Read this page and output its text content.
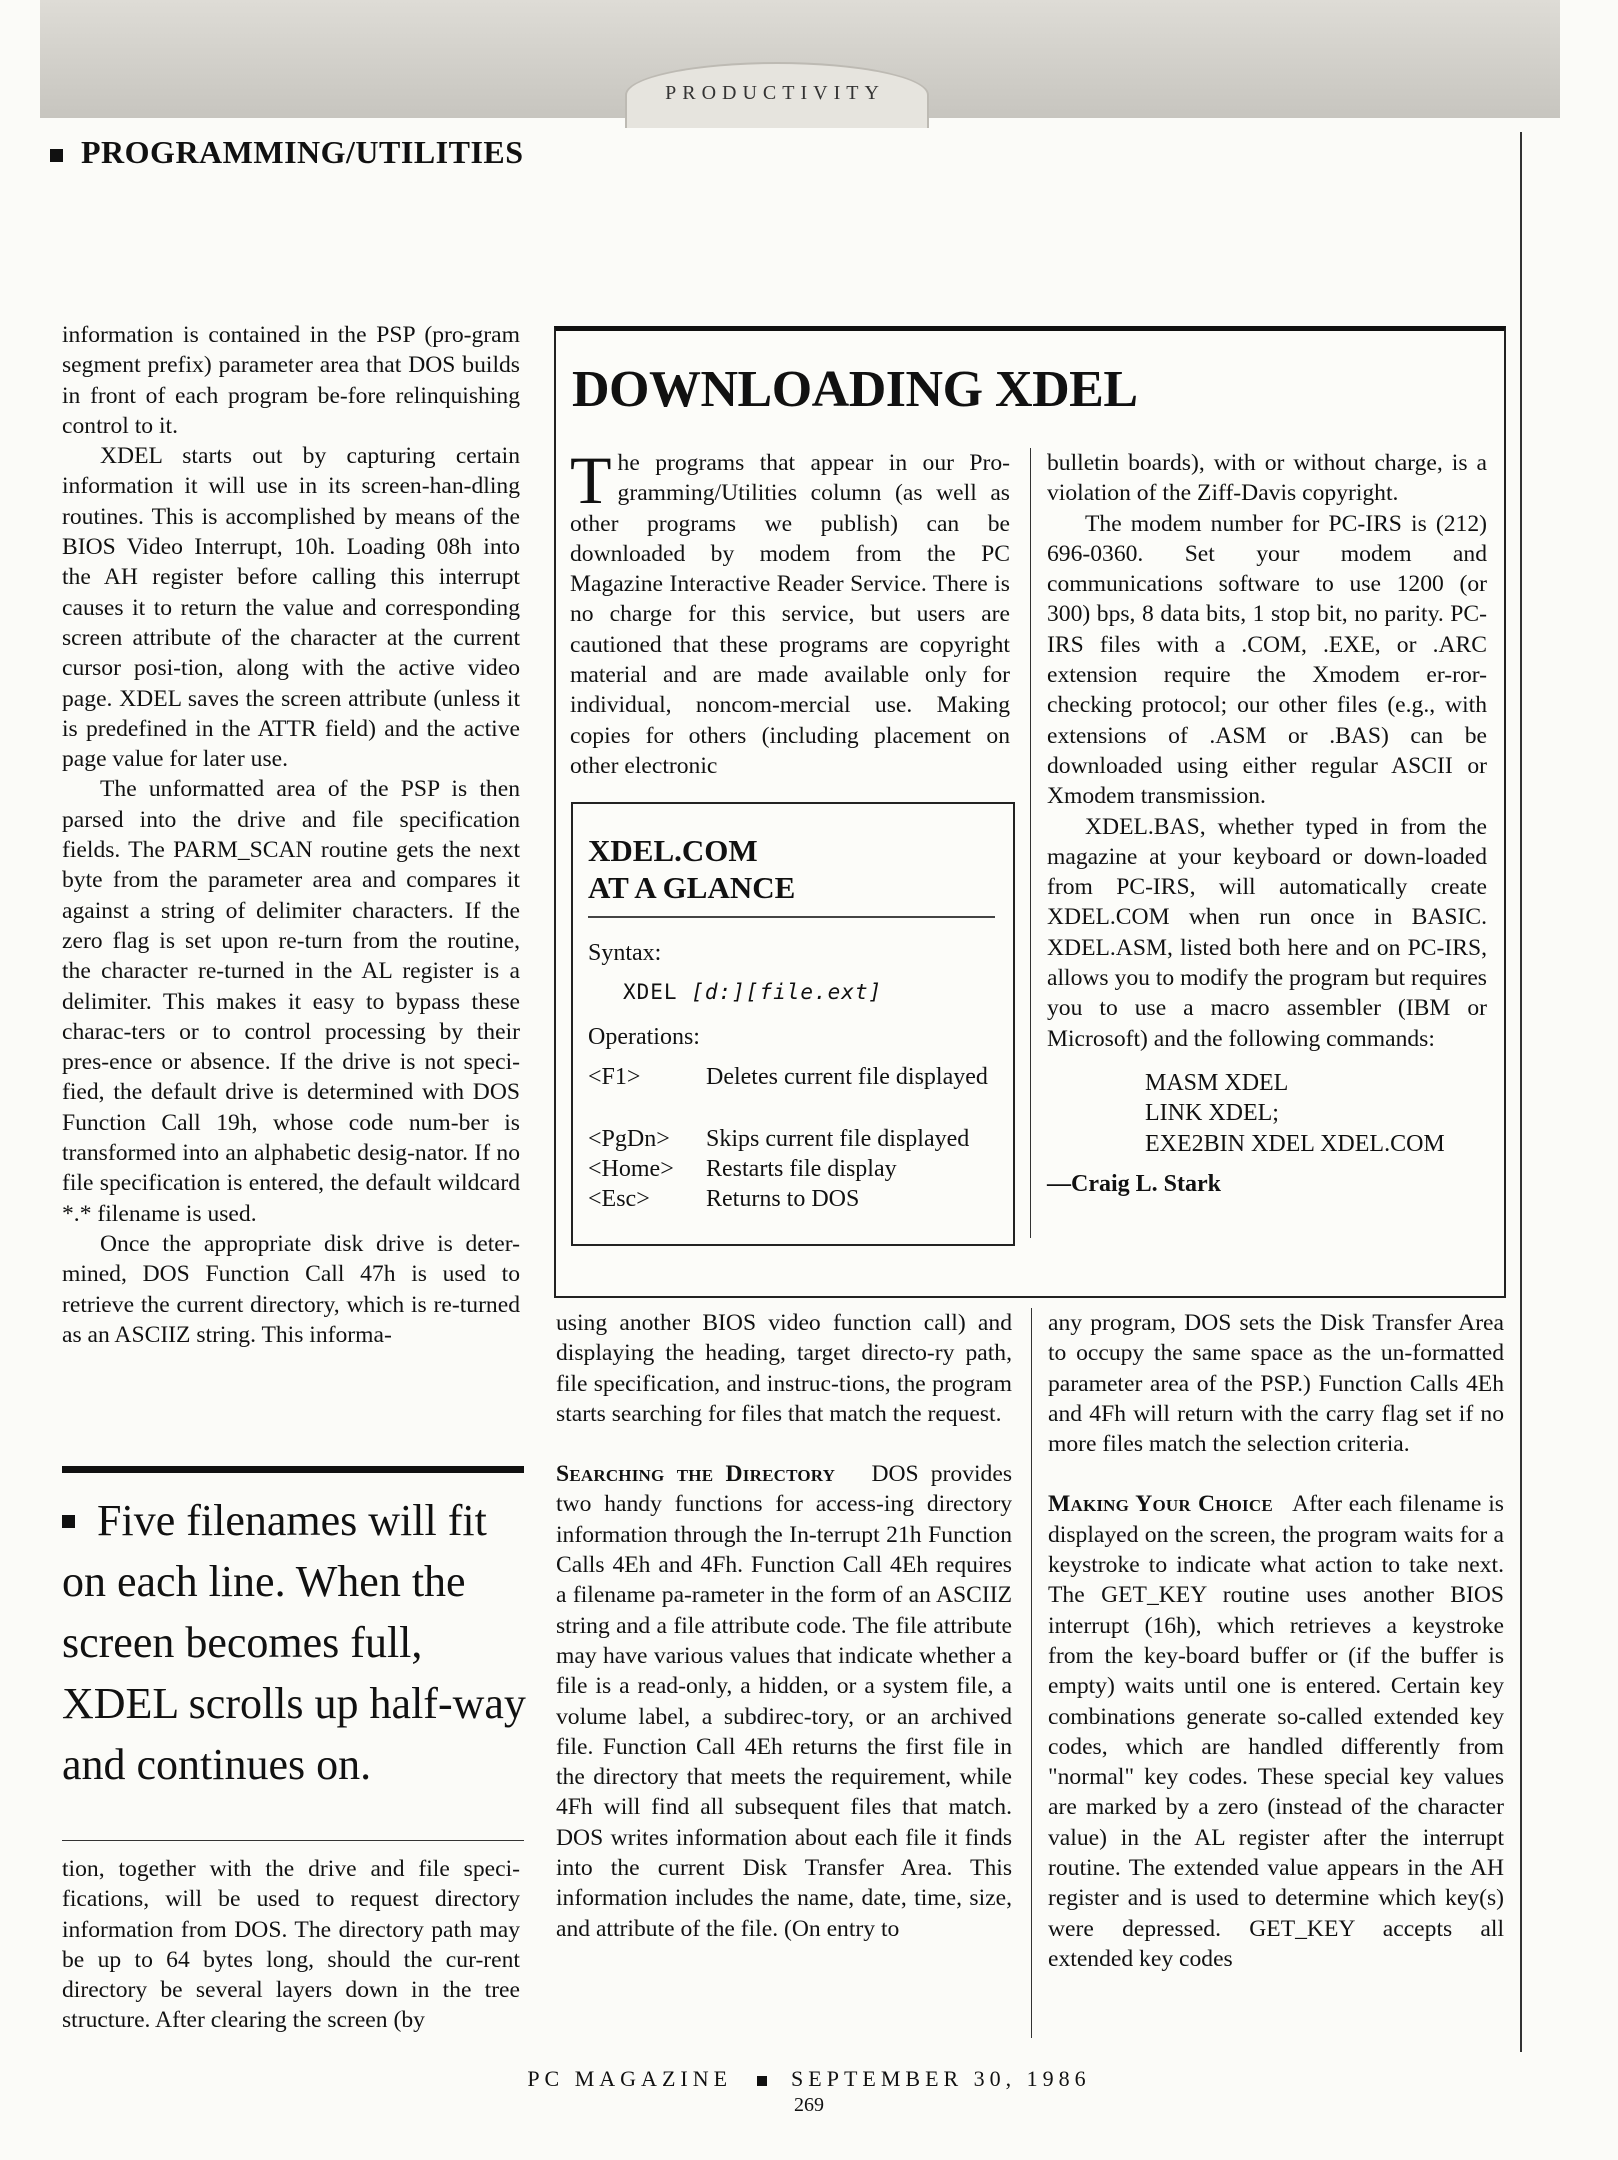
PRODUCTIVITY
PROGRAMMING/UTILITIES

information is contained in the PSP (pro-gram segment prefix) parameter area that DOS builds in front of each program be-fore relinquishing control to it.

XDEL starts out by capturing certain information it will use in its screen-han-dling routines. This is accomplished by means of the BIOS Video Interrupt, 10h. Loading 08h into the AH register before calling this interrupt causes it to return the value and corresponding screen attribute of the character at the current cursor posi-tion, along with the active video page. XDEL saves the screen attribute (unless it is predefined in the ATTR field) and the active page value for later use.

The unformatted area of the PSP is then parsed into the drive and file specification fields. The PARM_SCAN routine gets the next byte from the parameter area and compares it against a string of delimiter characters. If the zero flag is set upon re-turn from the routine, the character re-turned in the AL register is a delimiter. This makes it easy to bypass these charac-ters or to control processing by their pres-ence or absence. If the drive is not speci-fied, the default drive is determined with DOS Function Call 19h, whose code num-ber is transformed into an alphabetic desig-nator. If no file specification is entered, the default wildcard *.* filename is used.

Once the appropriate disk drive is deter-mined, DOS Function Call 47h is used to retrieve the current directory, which is re-turned as an ASCIIZ string. This informa-

Five filenames will fit on each line. When the screen becomes full, XDEL scrolls up half-way and continues on.

tion, together with the drive and file speci-fications, will be used to request directory information from DOS. The directory path may be up to 64 bytes long, should the cur-rent directory be several layers down in the tree structure. After clearing the screen (by

DOWNLOADING XDEL

The programs that appear in our Pro-gramming/Utilities column (as well as other programs we publish) can be downloaded by modem from the PC Magazine Interactive Reader Service. There is no charge for this service, but users are cautioned that these programs are copyright material and are made available only for individual, noncom-mercial use. Making copies for others (including placement on other electronic

bulletin boards), with or without charge, is a violation of the Ziff-Davis copyright.

The modem number for PC-IRS is (212) 696-0360. Set your modem and communications software to use 1200 (or 300) bps, 8 data bits, 1 stop bit, no parity. PC-IRS files with a .COM, .EXE, or .ARC extension require the Xmodem er-ror-checking protocol; our other files (e.g., with extensions of .ASM or .BAS) can be downloaded using either regular ASCII or Xmodem transmission.

XDEL.BAS, whether typed in from the magazine at your keyboard or down-loaded from PC-IRS, will automatically create XDEL.COM when run once in BASIC. XDEL.ASM, listed both here and on PC-IRS, allows you to modify the program but requires you to use a macro assembler (IBM or Microsoft) and the following commands:

MASM XDEL
LINK XDEL;
EXE2BIN XDEL XDEL.COM
—Craig L. Stark
XDEL.COM
AT A GLANCE
Syntax:
XDEL [d:][file.ext]
Operations:
<F1>	Deletes current file displayed
<PgDn> Skips current file displayed
<Home> Restarts file display
<Esc> Returns to DOS

using another BIOS video function call) and displaying the heading, target directo-ry path, file specification, and instruc-tions, the program starts searching for files that match the request.

Searching the Directory DOS provides two handy functions for access-ing directory information through the In-terrupt 21h Function Calls 4Eh and 4Fh. Function Call 4Eh requires a filename pa-rameter in the form of an ASCIIZ string and a file attribute code. The file attribute may have various values that indicate whether a file is a read-only, a hidden, or a system file, a volume label, a subdirec-tory, or an archived file. Function Call 4Eh returns the first file in the directory that meets the requirement, while 4Fh will find all subsequent files that match. DOS writes information about each file it finds into the current Disk Transfer Area. This information includes the name, date, time, size, and attribute of the file. (On entry to

any program, DOS sets the Disk Transfer Area to occupy the same space as the un-formatted parameter area of the PSP.) Function Calls 4Eh and 4Fh will return with the carry flag set if no more files match the selection criteria.

Making Your Choice After each filename is displayed on the screen, the program waits for a keystroke to indicate what action to take next. The GET_KEY routine uses another BIOS interrupt (16h), which retrieves a keystroke from the key-board buffer or (if the buffer is empty) waits until one is entered. Certain key combinations generate so-called extended key codes, which are handled differently from "normal" key codes. These special key values are marked by a zero (instead of the character value) in the AL register after the interrupt routine. The extended value appears in the AH register and is used to determine which key(s) were depressed. GET_KEY accepts all extended key codes

PC MAGAZINE	SEPTEMBER 30, 1986
269
